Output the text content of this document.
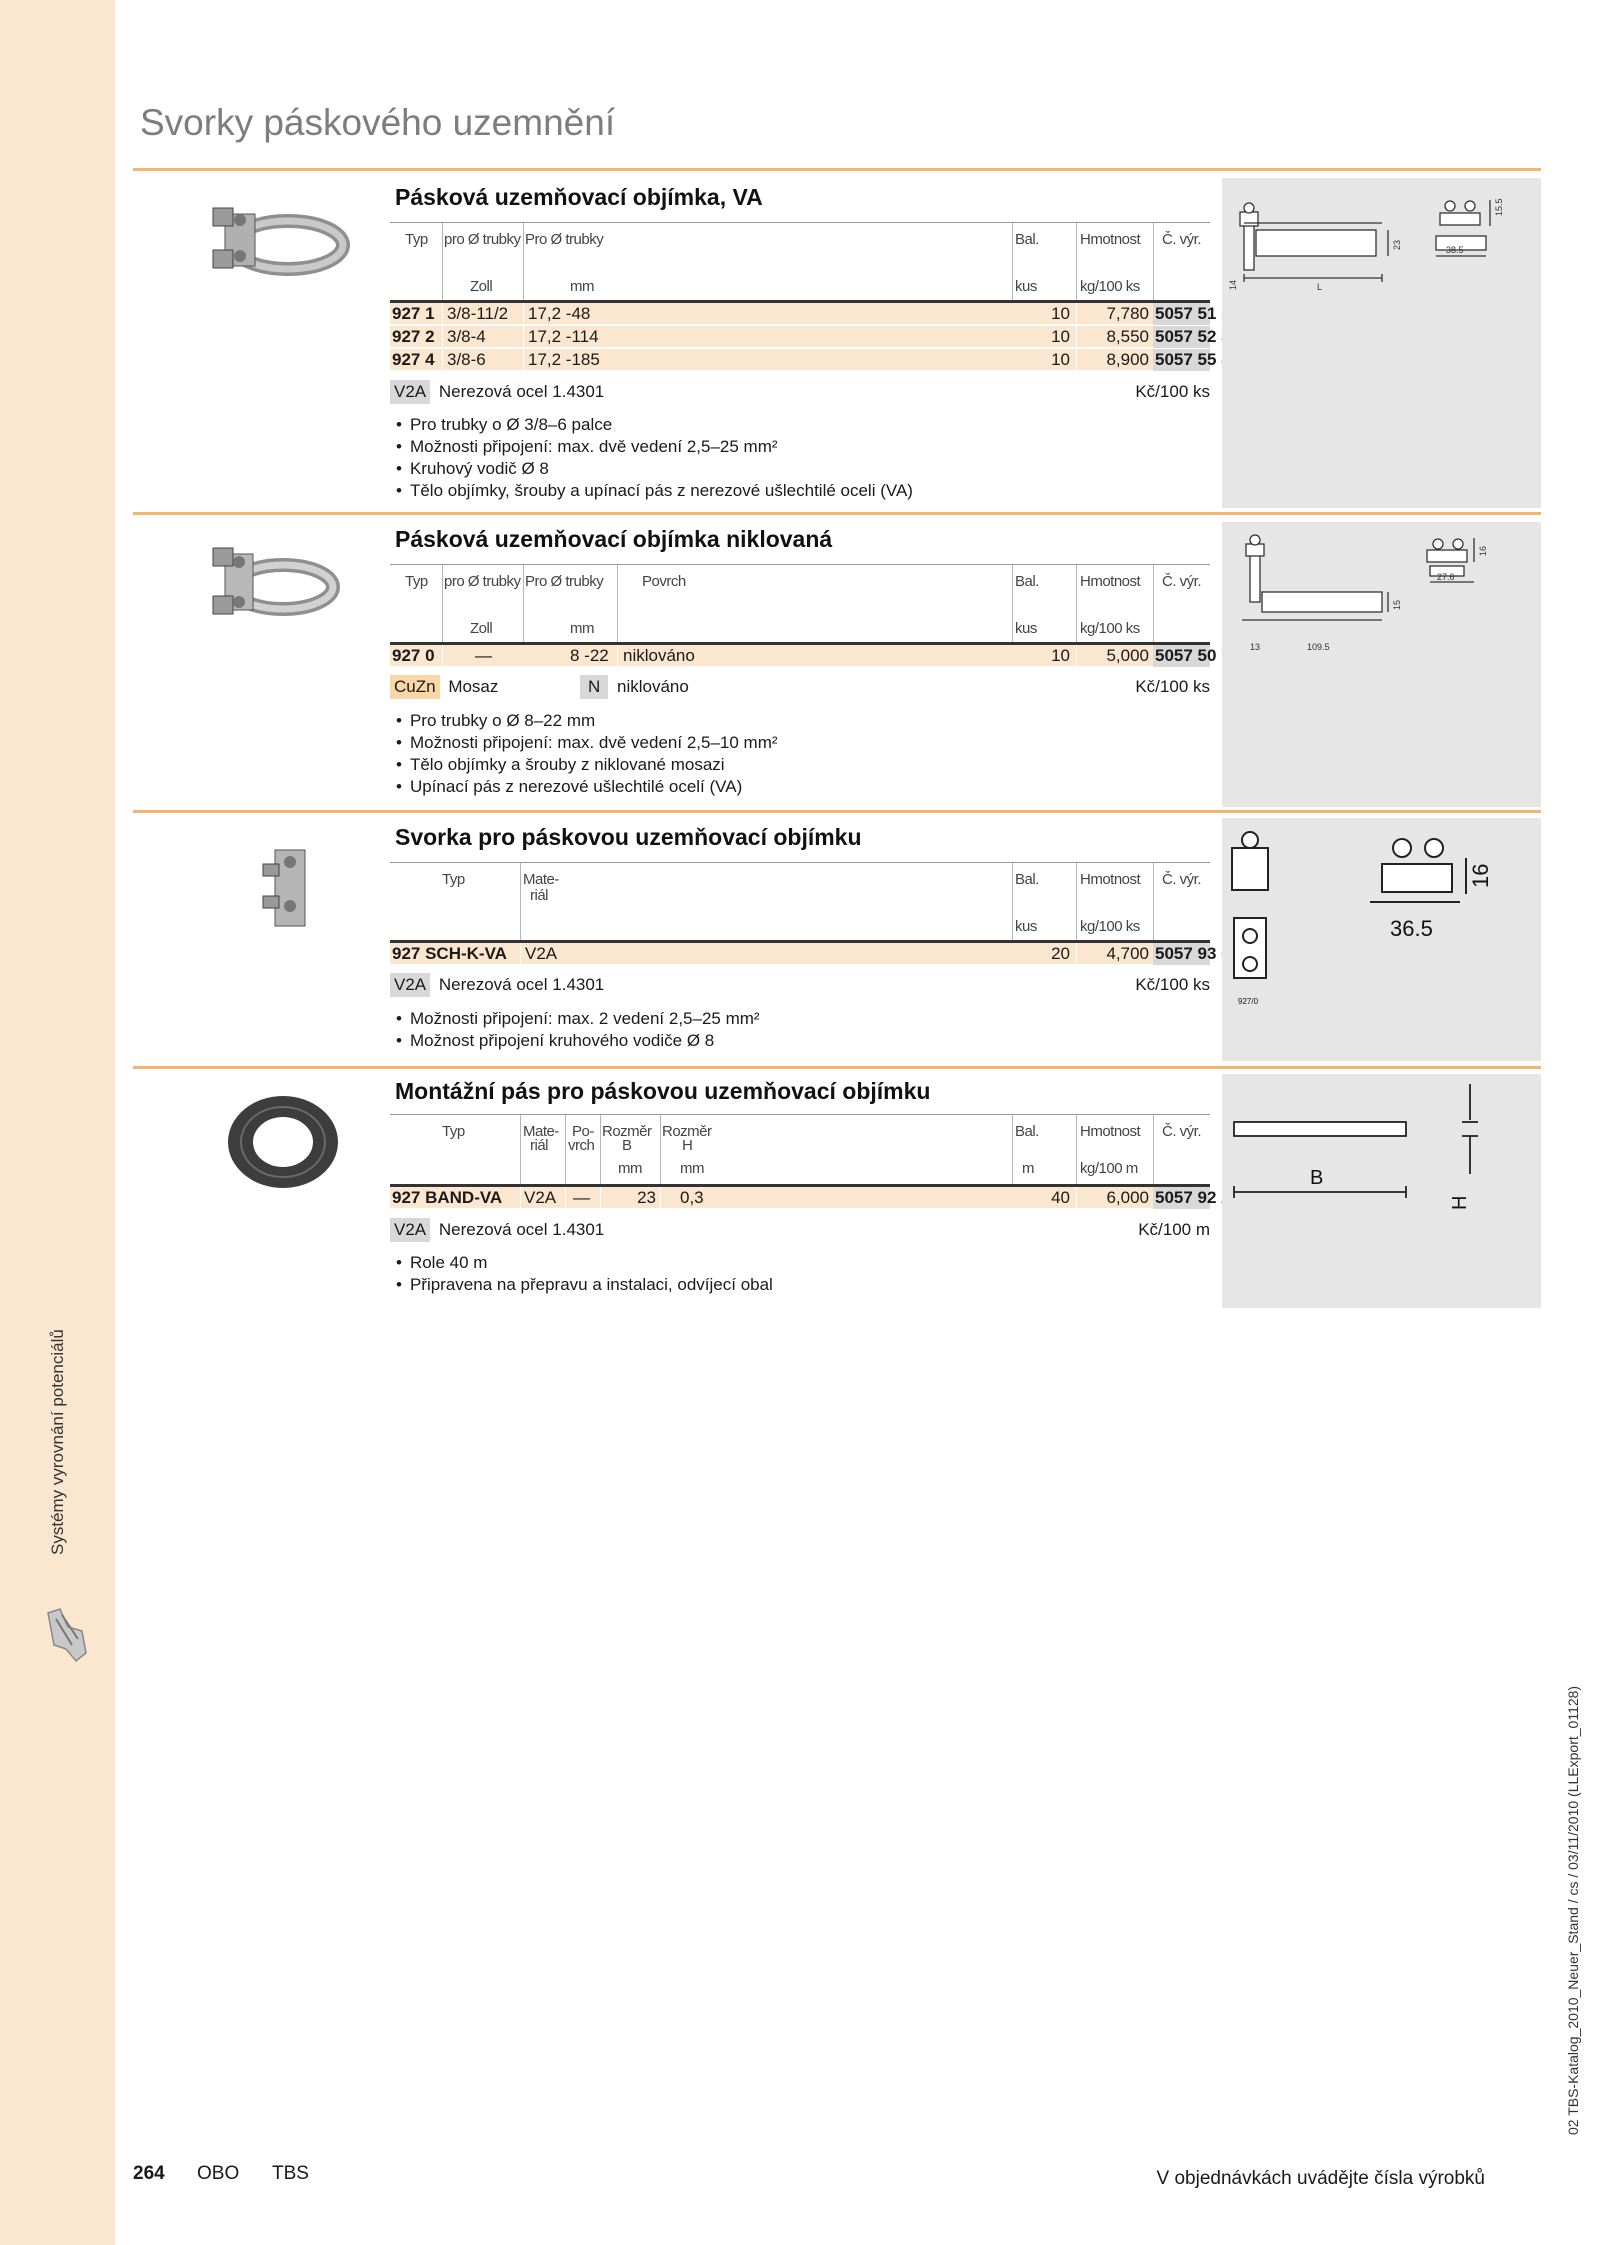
Systémy vyrovnání potenciálů
02 TBS-Katalog_2010_Neuer_Stand / cs / 03/11/2010 (LLExport_01128)
Svorky páskového uzemnění
Pásková uzemňovací objímka, VA
Typ pro Ø trubky Pro Ø trubky	Bal.	Hmotnost Č. výr.
Zoll	mm	kus	kg/100 ks
927 1 3/8-11/2 17,2 -48	10	7,780 5057 51 5
927 2 3/8-4 17,2 -114	10	8,550 5057 52 3
927 4 3/8-6 17,2 -185	10	8,900 5057 55 8
V2A Nerezová ocel 1.4301	Kč/100 ks
• Pro trubky o Ø 3/8–6 palce
• Možnosti připojení: max. dvě vedení 2,5–25 mm²
• Kruhový vodič Ø 8
• Tělo objímky, šrouby a upínací pás z nerezové ušlechtilé oceli (VA)
15.5
38.5
23
14	L
Pásková uzemňovací objímka niklovaná
Typ pro Ø trubky Pro Ø trubky	Povrch	Bal.	Hmotnost Č. výr.
Zoll	mm	kus	kg/100 ks
927 0 —	8 -22 niklováno	10	5,000 5057 50 7
CuZn Mosaz	N niklováno	Kč/100 ks
• Pro trubky o Ø 8–22 mm
• Možnosti připojení: max. dvě vedení 2,5–10 mm²
• Tělo objímky a šrouby z niklované mosazi
• Upínací pás z nerezové ušlechtilé ocelí (VA)
16
27.6
15
13	109.5
Svorka pro páskovou uzemňovací objímku
Typ	Mate-
riál
Bal.	Hmotnost Č. výr.
kus	kg/100 ks
927 SCH-K-VA V2A	20	4,700 5057 93 0
V2A Nerezová ocel 1.4301	Kč/100 ks
• Možnosti připojení: max. 2 vedení 2,5–25 mm²
• Možnost připojení kruhového vodiče Ø 8
16
36.5
927/0
Montážní pás pro páskovou uzemňovací objímku
Typ	Mate-
riál
Po-
vrch
Rozměr
B
Rozměr
H
Bal.	Hmotnost Č. výr.
mm	mm	m	kg/100 m
927 BAND-VA V2A —	23 0,3	40	6,000 5057 92 2
V2A Nerezová ocel 1.4301	Kč/100 m
• Role 40 m
• Připravena na přepravu a instalaci, odvíjecí obal
B
H
264 OBO TBS	V objednávkách uvádějte čísla výrobků
